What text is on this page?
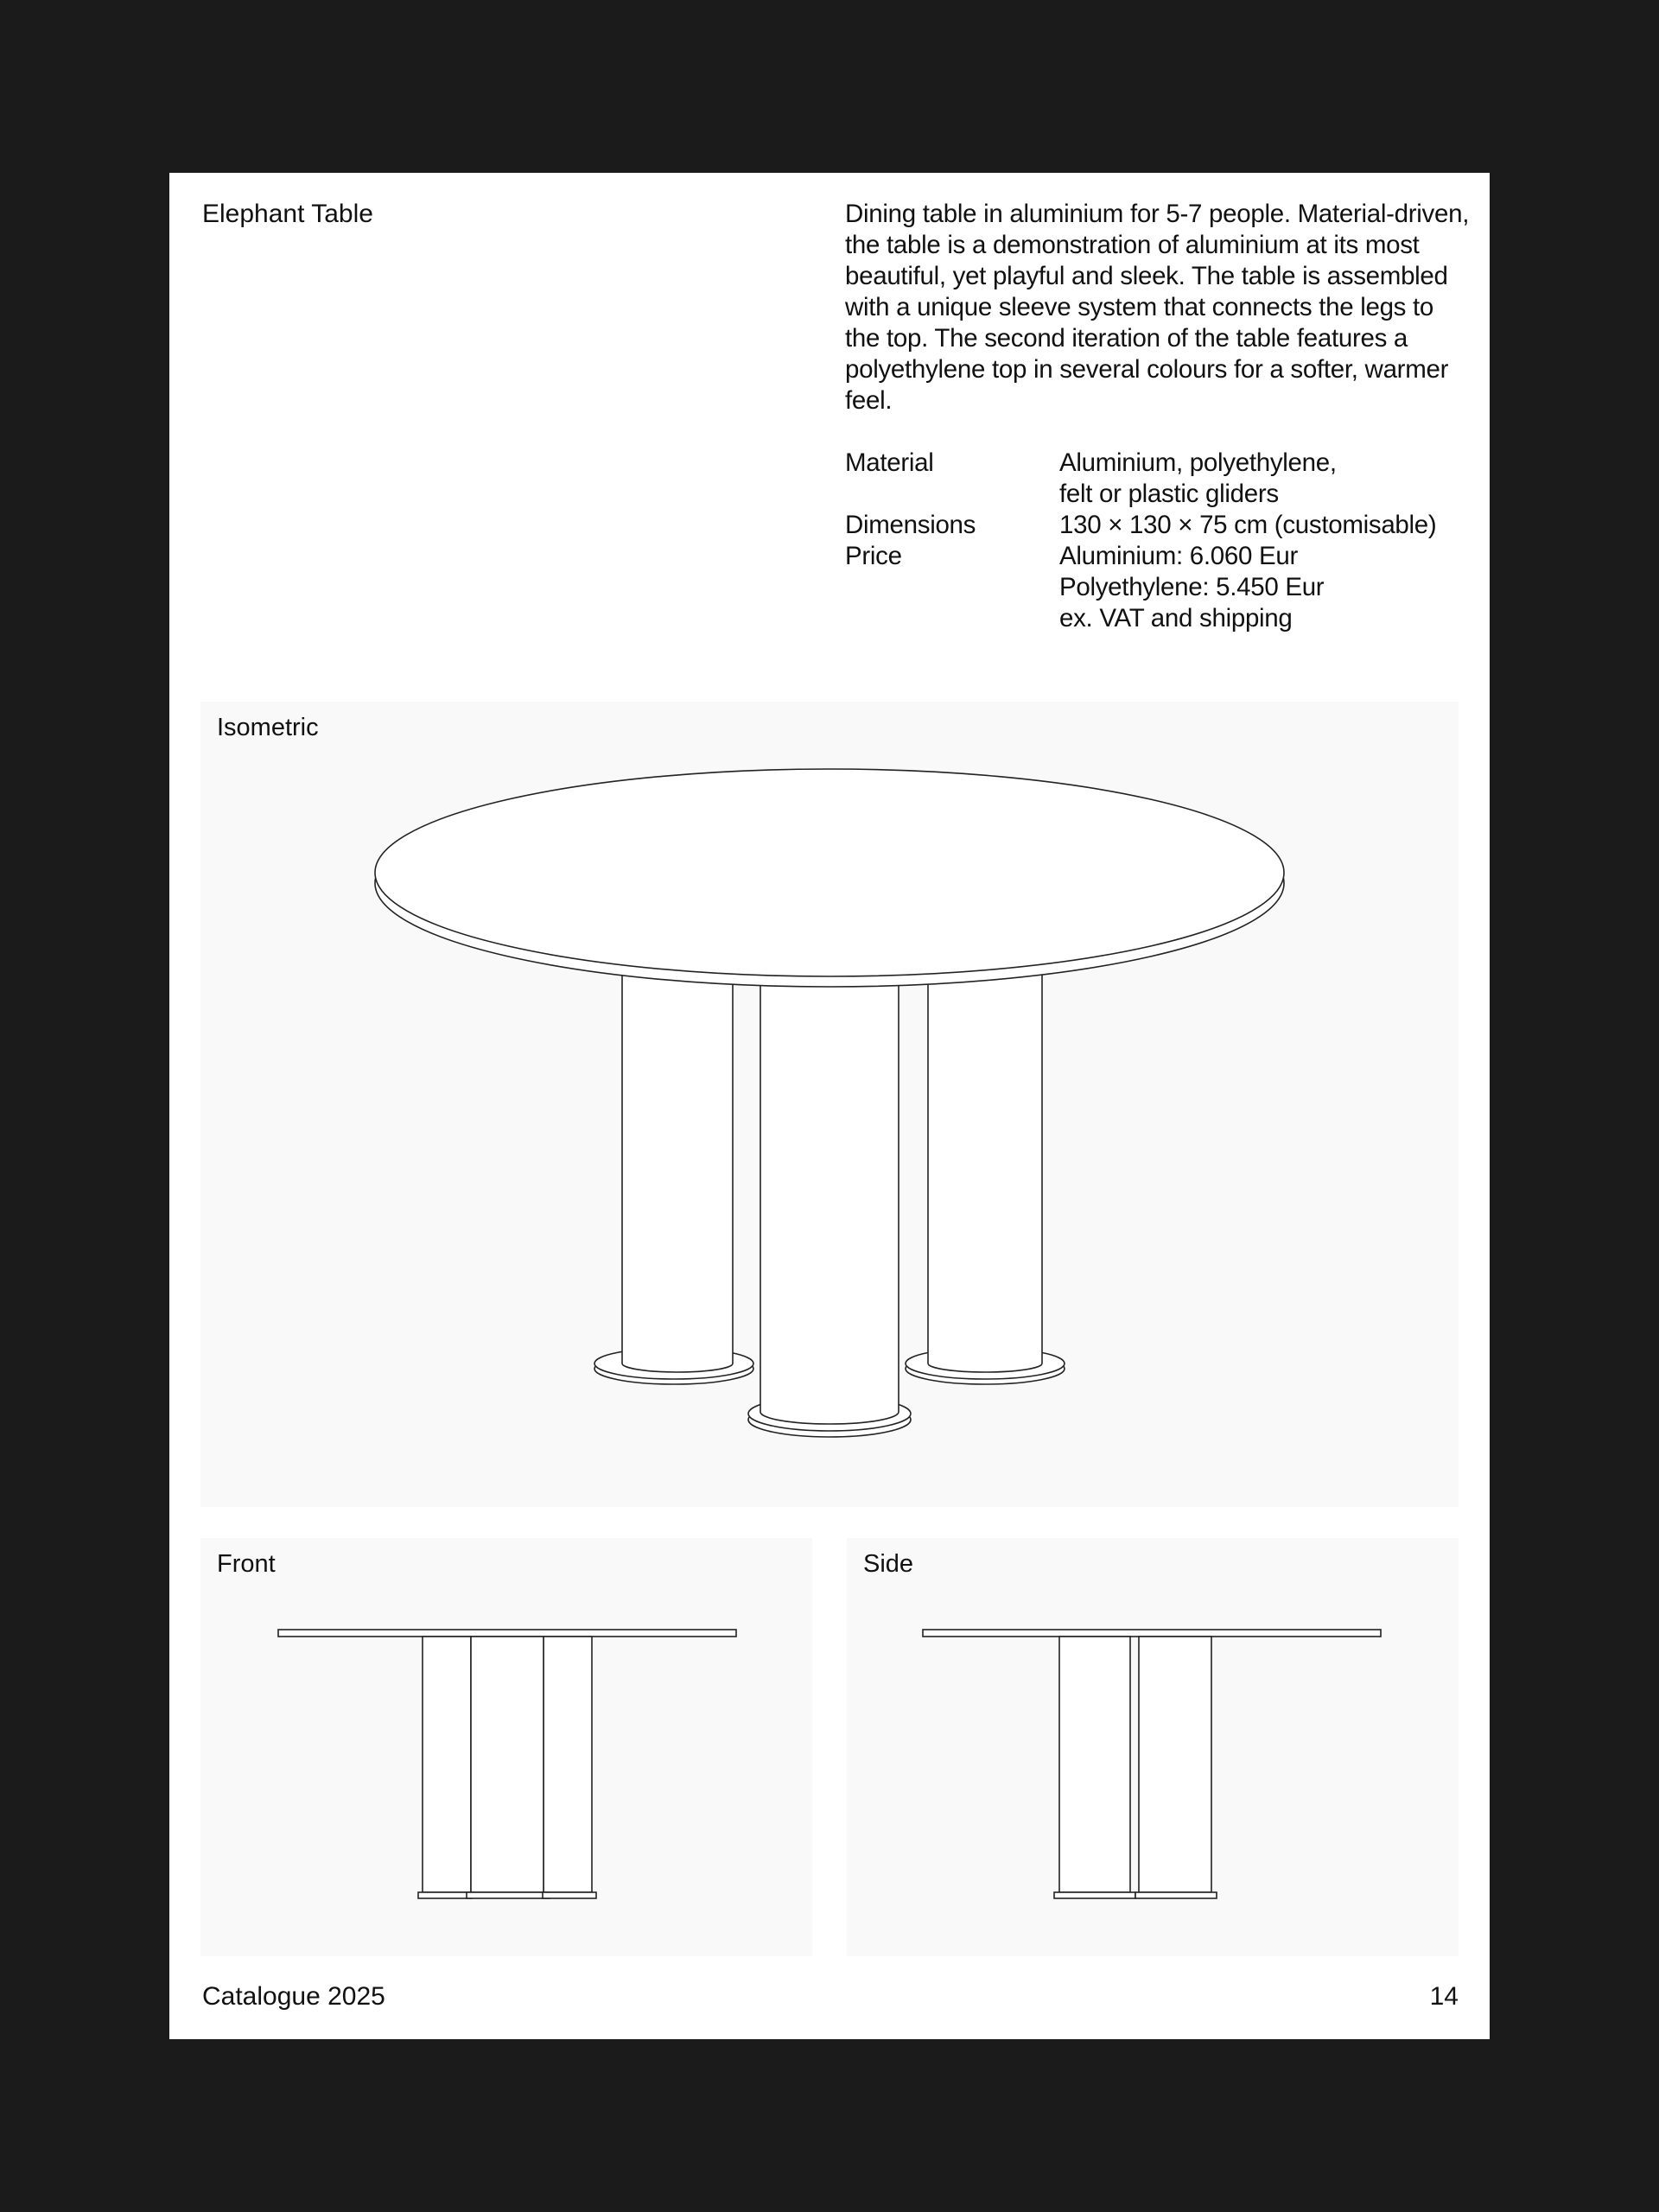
Elephant Table	Dining table in aluminium for 5-7 people. Material-driven, the table is a demonstration of aluminium at its most beautiful, yet playful and sleek. The table is assembled with a unique sleeve system that connects the legs to the top. The second iteration of the table features a polyethylene top in several colours for a softer, warmer feel.

Material	Aluminium, polyethylene,
felt or plastic gliders
Dimensions	130 × 130 × 75 cm (customisable)
Price	Aluminium: 6.060 Eur
Polyethylene: 5.450 Eur
ex. VAT and shipping
Isometric
Front	Side
Catalogue 2025	14
